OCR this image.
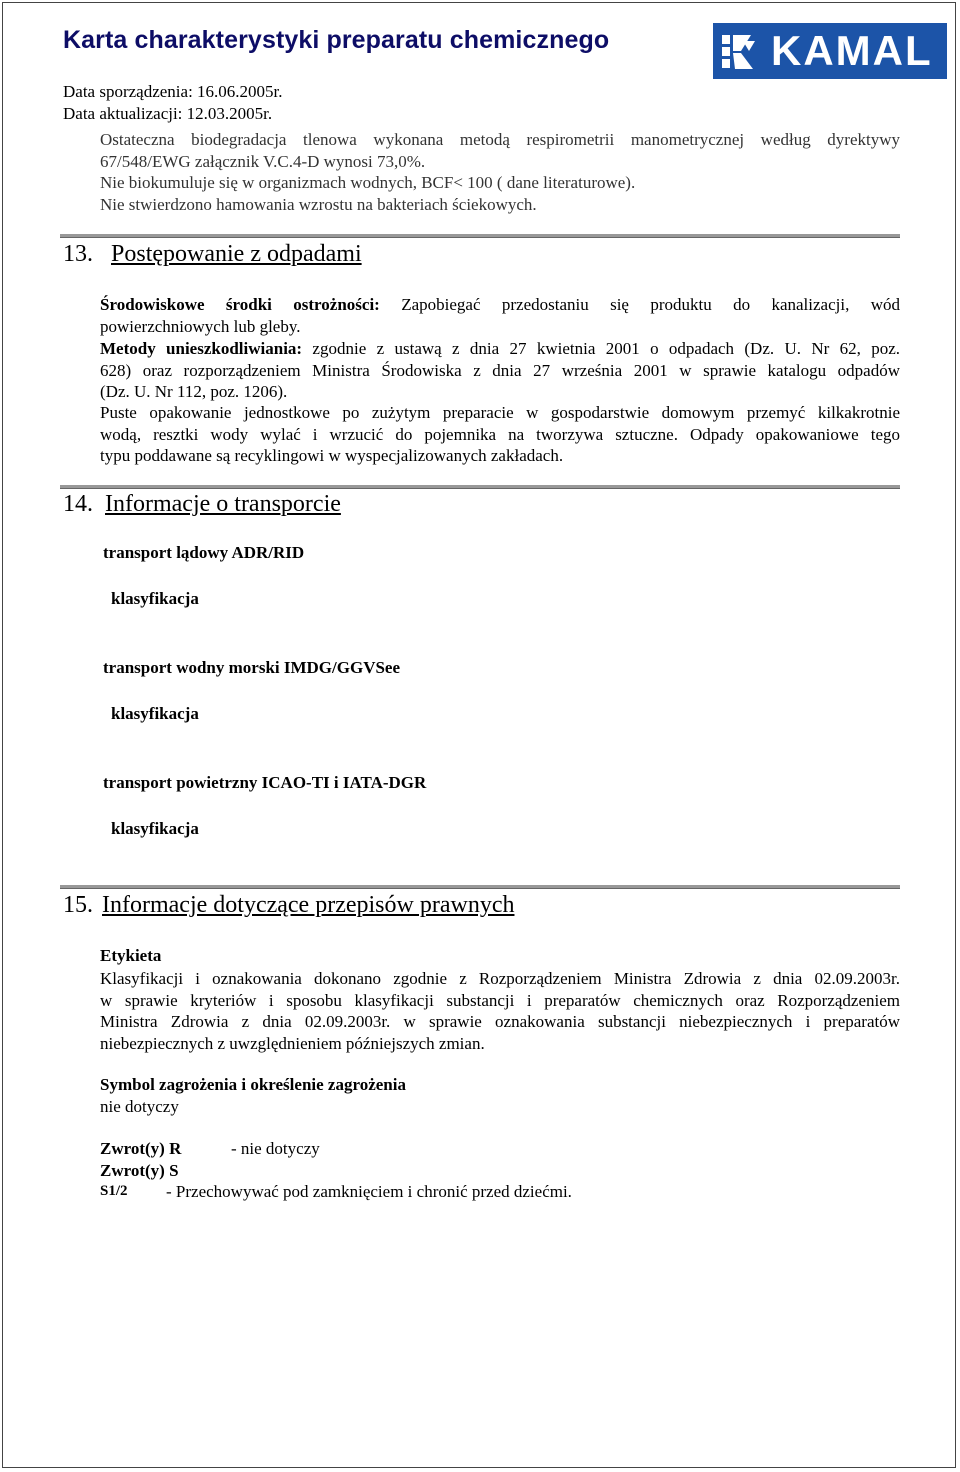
Karta charakterystyki preparatu chemicznego
Data sporządzenia: 16.06.2005r.
Data aktualizacji: 12.03.2005r.
KAMAL
Ostateczna biodegradacja tlenowa wykonana metodą respirometrii manometrycznej według dyrektywy
67/548/EWG załącznik V.C.4-D wynosi 73,0%.
Nie biokumuluje się w organizmach wodnych, BCF< 100 ( dane literaturowe).
Nie stwierdzono hamowania wzrostu na bakteriach ściekowych.
13. Postępowanie z odpadami
Środowiskowe środki ostrożności: Zapobiegać przedostaniu się produktu do kanalizacji, wód
powierzchniowych lub gleby.
Metody unieszkodliwiania: zgodnie z ustawą z dnia 27 kwietnia 2001 o odpadach (Dz. U. Nr 62, poz.
628) oraz rozporządzeniem Ministra Środowiska z dnia 27 września 2001 w sprawie katalogu odpadów
(Dz. U. Nr 112, poz. 1206).
Puste opakowanie jednostkowe po zużytym preparacie w gospodarstwie domowym przemyć kilkakrotnie
wodą, resztki wody wylać i wrzucić do pojemnika na tworzywa sztuczne. Odpady opakowaniowe tego
typu poddawane są recyklingowi w wyspecjalizowanych zakładach.
14. Informacje o transporcie
transport lądowy ADR/RID
klasyfikacja
transport wodny morski IMDG/GGVSee
klasyfikacja
transport powietrzny ICAO-TI i IATA-DGR
klasyfikacja
15. Informacje dotyczące przepisów prawnych
Etykieta
Klasyfikacji i oznakowania dokonano zgodnie z Rozporządzeniem Ministra Zdrowia z dnia 02.09.2003r.
w sprawie kryteriów i sposobu klasyfikacji substancji i preparatów chemicznych oraz Rozporządzeniem
Ministra Zdrowia z dnia 02.09.2003r. w sprawie oznakowania substancji niebezpiecznych i preparatów
niebezpiecznych z uwzględnieniem późniejszych zmian.
Symbol zagrożenia i określenie zagrożenia
nie dotyczy
Zwrot(y) R	- nie dotyczy
Zwrot(y) S
S1/2 - Przechowywać pod zamknięciem i chronić przed dziećmi.
